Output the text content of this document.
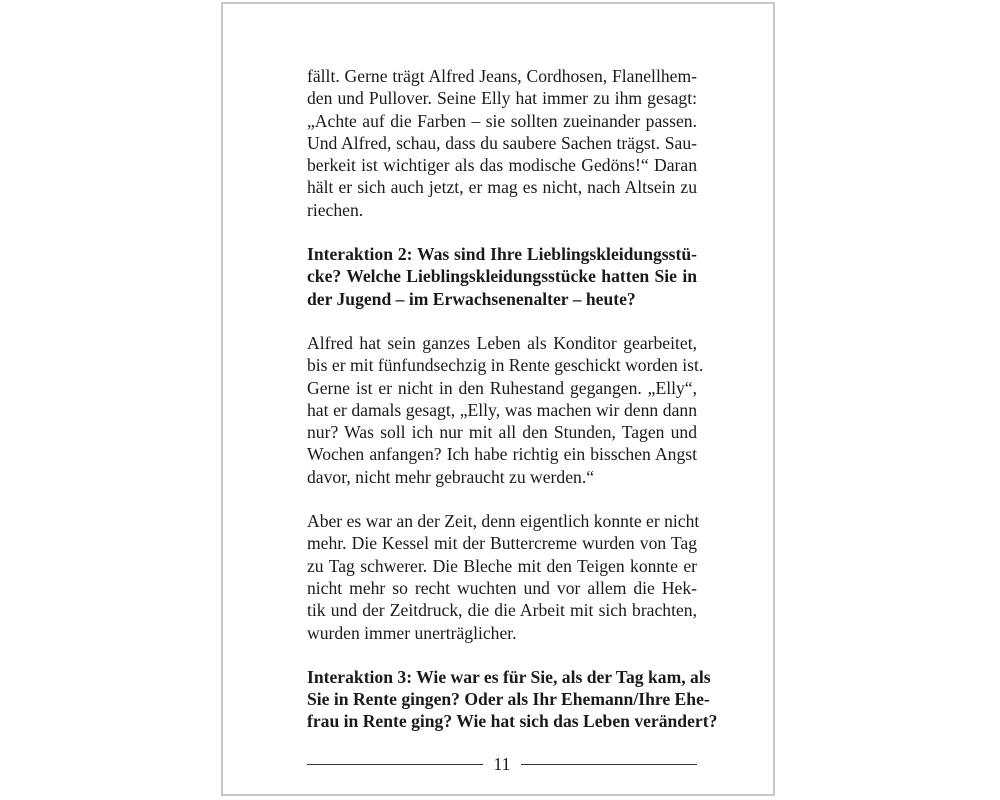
fällt. Gerne trägt Alfred Jeans, Cordhosen, Flanellhem-
den und Pullover. Seine Elly hat immer zu ihm gesagt:
„Achte auf die Farben – sie sollten zueinander passen.
Und Alfred, schau, dass du saubere Sachen trägst. Sau-
berkeit ist wichtiger als das modische Gedöns!“ Daran
hält er sich auch jetzt, er mag es nicht, nach Altsein zu
riechen.
Interaktion 2: Was sind Ihre Lieblingskleidungsstü-
cke? Welche Lieblingskleidungsstücke hatten Sie in
der Jugend – im Erwachsenenalter – heute?
Alfred hat sein ganzes Leben als Konditor gearbeitet,
bis er mit fünfundsechzig in Rente geschickt worden ist.
Gerne ist er nicht in den Ruhestand gegangen. „Elly“,
hat er damals gesagt, „Elly, was machen wir denn dann
nur? Was soll ich nur mit all den Stunden, Tagen und
Wochen anfangen? Ich habe richtig ein bisschen Angst
davor, nicht mehr gebraucht zu werden.“
Aber es war an der Zeit, denn eigentlich konnte er nicht
mehr. Die Kessel mit der Buttercreme wurden von Tag
zu Tag schwerer. Die Bleche mit den Teigen konnte er
nicht mehr so recht wuchten und vor allem die Hek-
tik und der Zeitdruck, die die Arbeit mit sich brachten,
wurden immer unerträglicher.
Interaktion 3: Wie war es für Sie, als der Tag kam, als
Sie in Rente gingen? Oder als Ihr Ehemann/Ihre Ehe-
frau in Rente ging? Wie hat sich das Leben verändert?
11
